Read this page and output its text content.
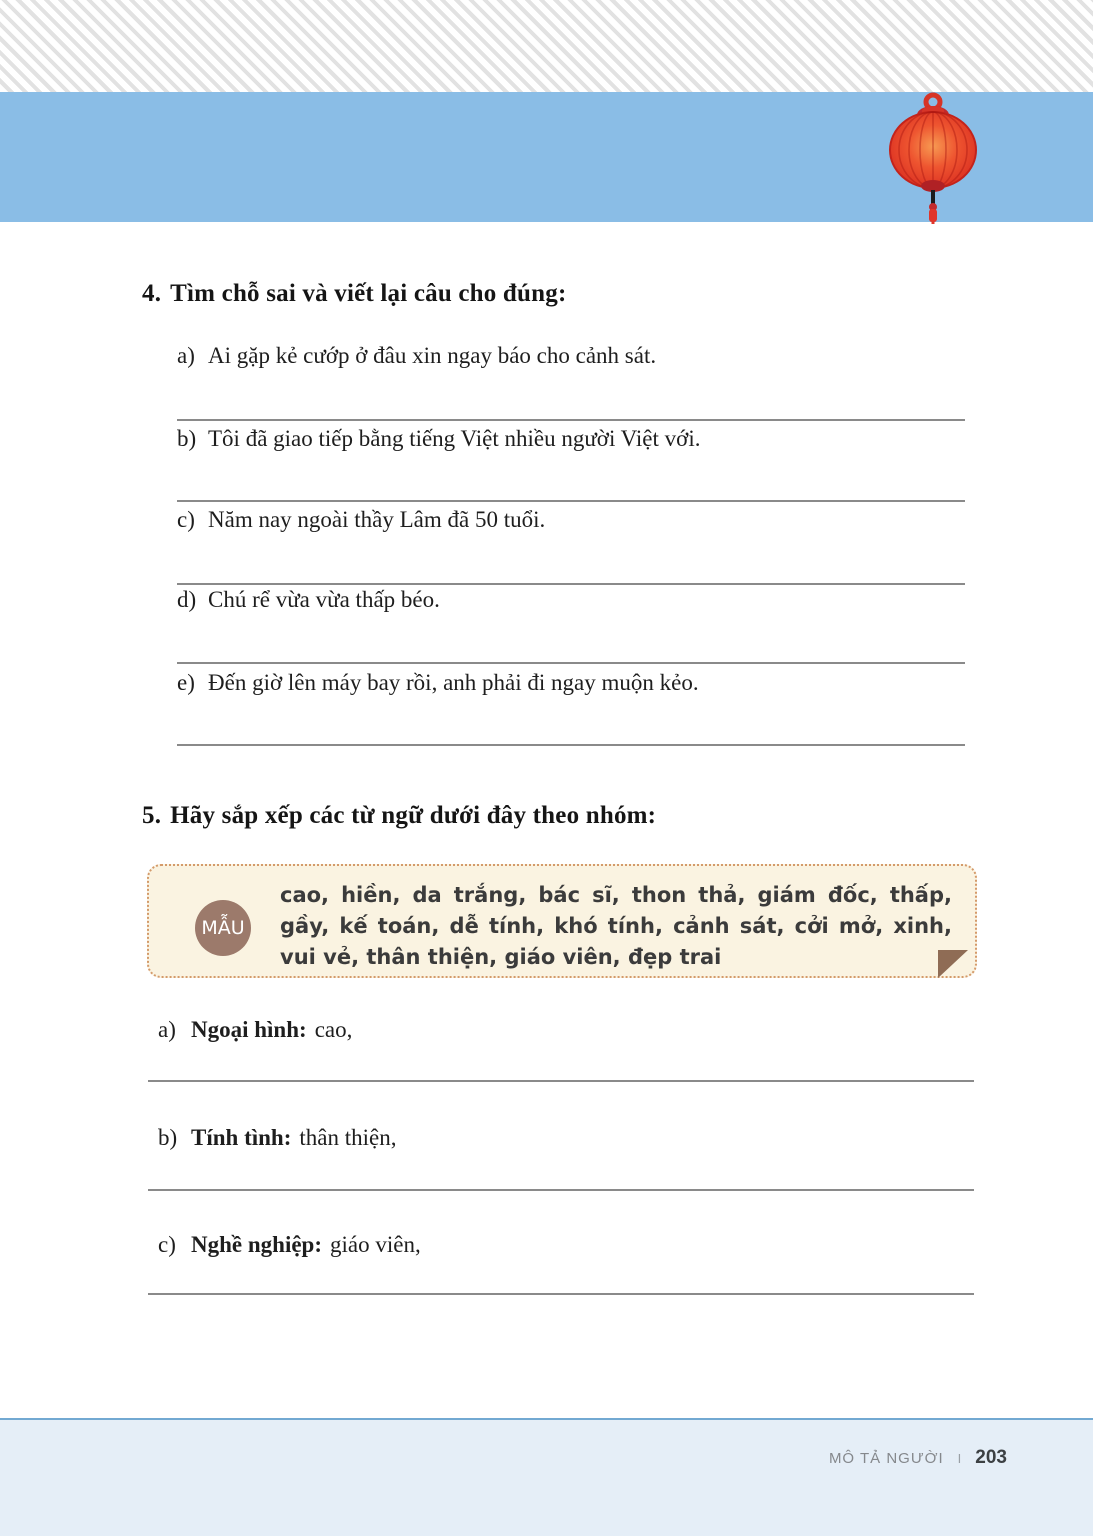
4. Tìm chỗ sai và viết lại câu cho đúng:
a) Ai gặp kẻ cướp ở đâu xin ngay báo cho cảnh sát.
b) Tôi đã giao tiếp bằng tiếng Việt nhiều người Việt với.
c) Năm nay ngoài thầy Lâm đã 50 tuổi.
d) Chú rể vừa vừa thấp béo.
e) Đến giờ lên máy bay rồi, anh phải đi ngay muộn kẻo.
5. Hãy sắp xếp các từ ngữ dưới đây theo nhóm:
MẪU
cao, hiền, da trắng, bác sĩ, thon thả, giám đốc, thấp, gầy, kế toán, dễ tính, khó tính, cảnh sát, cởi mở, xinh, vui vẻ, thân thiện, giáo viên, đẹp trai
a) Ngoại hình: cao,
b) Tính tình: thân thiện,
c) Nghề nghiệp: giáo viên,
MÔ TẢ NGƯỜI I 203
